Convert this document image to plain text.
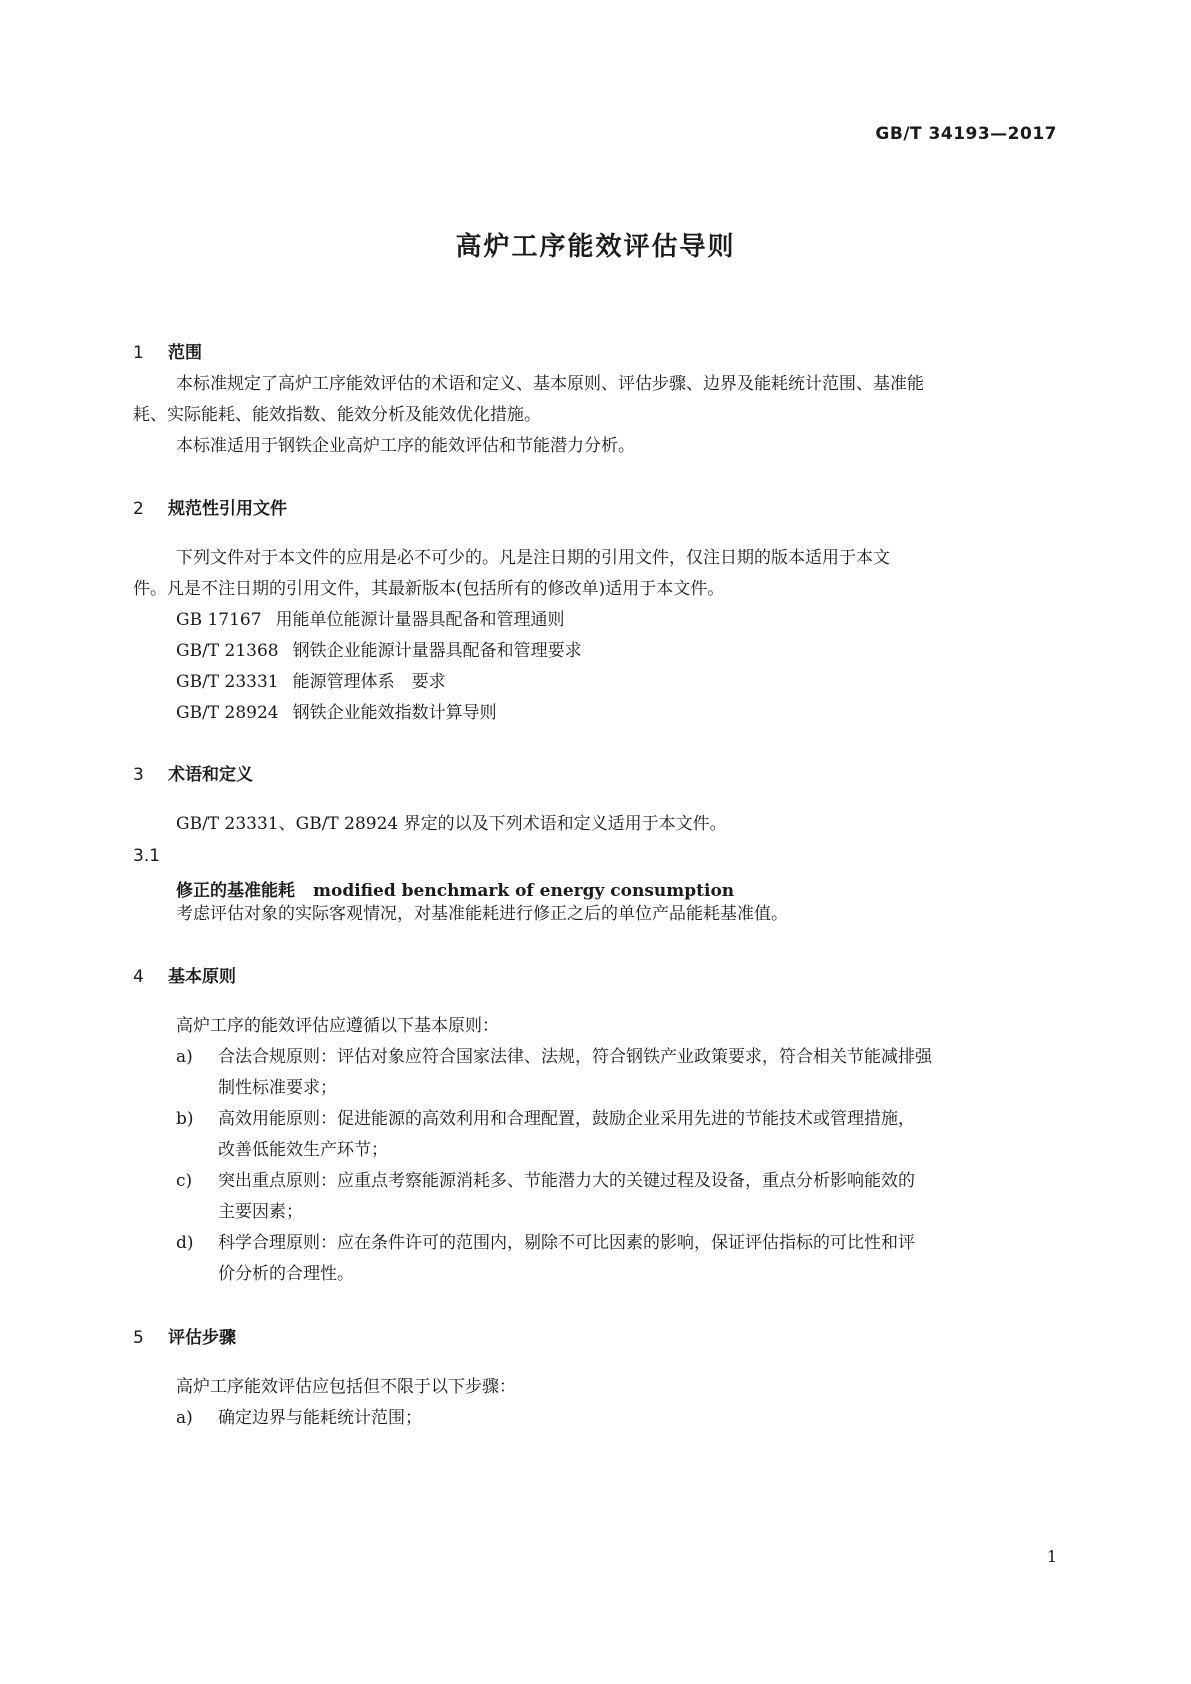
GB/T 34193—2017
高炉工序能效评估导则
1 范围
本标准规定了高炉工序能效评估的术语和定义、基本原则、评估步骤、边界及能耗统计范围、基准能
耗、实际能耗、能效指数、能效分析及能效优化措施。
本标准适用于钢铁企业高炉工序的能效评估和节能潜力分析。
2 规范性引用文件
下列文件对于本文件的应用是必不可少的。凡是注日期的引用文件，仅注日期的版本适用于本文
件。凡是不注日期的引用文件，其最新版本(包括所有的修改单)适用于本文件。
GB 17167 用能单位能源计量器具配备和管理通则
GB/T 21368 钢铁企业能源计量器具配备和管理要求
GB/T 23331 能源管理体系　要求
GB/T 28924 钢铁企业能效指数计算导则
3 术语和定义
GB/T 23331、GB/T 28924 界定的以及下列术语和定义适用于本文件。
3.1
修正的基准能耗 modified benchmark of energy consumption
考虑评估对象的实际客观情况，对基准能耗进行修正之后的单位产品能耗基准值。
4 基本原则
高炉工序的能效评估应遵循以下基本原则：
a)	合法合规原则：评估对象应符合国家法律、法规，符合钢铁产业政策要求，符合相关节能减排强
制性标准要求；
b)	高效用能原则：促进能源的高效利用和合理配置，鼓励企业采用先进的节能技术或管理措施，
改善低能效生产环节；
c)	突出重点原则：应重点考察能源消耗多、节能潜力大的关键过程及设备，重点分析影响能效的
主要因素；
d)	科学合理原则：应在条件许可的范围内，剔除不可比因素的影响，保证评估指标的可比性和评
价分析的合理性。
5 评估步骤
高炉工序能效评估应包括但不限于以下步骤：
a)	确定边界与能耗统计范围；
1
